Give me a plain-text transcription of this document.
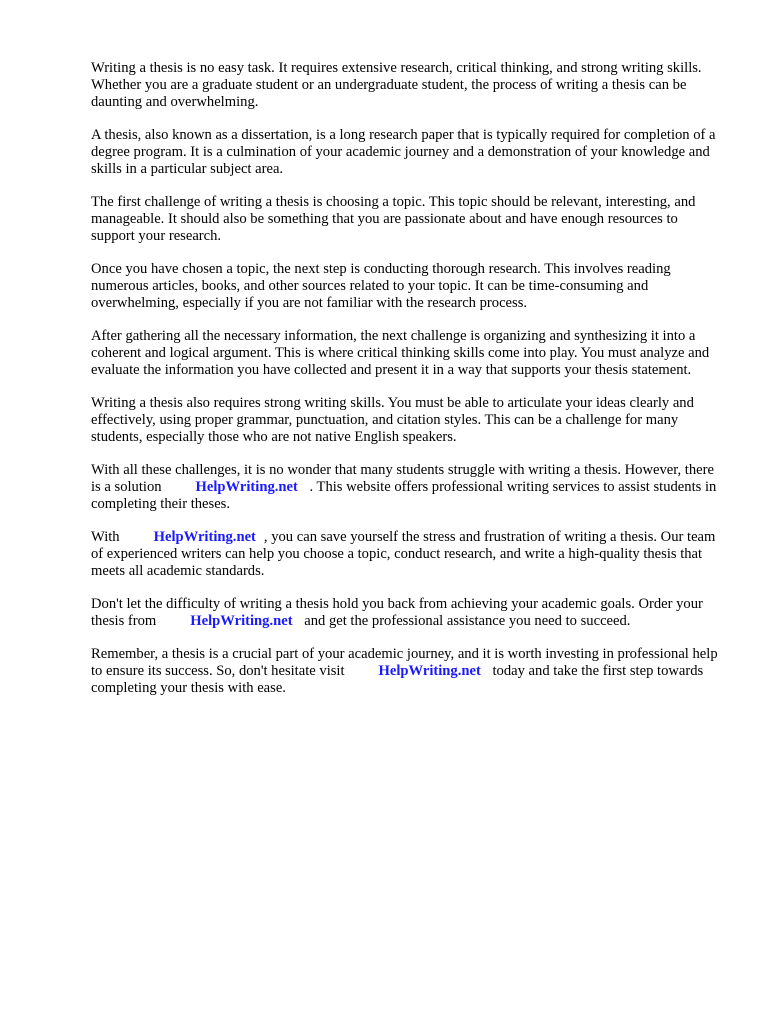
Writing a thesis is no easy task. It requires extensive research, critical thinking, and strong writing skills. Whether you are a graduate student or an undergraduate student, the process of writing a thesis can be daunting and overwhelming.

A thesis, also known as a dissertation, is a long research paper that is typically required for completion of a degree program. It is a culmination of your academic journey and a demonstration of your knowledge and skills in a particular subject area.

The first challenge of writing a thesis is choosing a topic. This topic should be relevant, interesting, and manageable. It should also be something that you are passionate about and have enough resources to support your research.

Once you have chosen a topic, the next step is conducting thorough research. This involves reading numerous articles, books, and other sources related to your topic. It can be time-consuming and overwhelming, especially if you are not familiar with the research process.

After gathering all the necessary information, the next challenge is organizing and synthesizing it into a coherent and logical argument. This is where critical thinking skills come into play. You must analyze and evaluate the information you have collected and present it in a way that supports your thesis statement.

Writing a thesis also requires strong writing skills. You must be able to articulate your ideas clearly and effectively, using proper grammar, punctuation, and citation styles. This can be a challenge for many students, especially those who are not native English speakers.

With all these challenges, it is no wonder that many students struggle with writing a thesis. However, there is a solution HelpWriting.net . This website offers professional writing services to assist students in completing their theses.

With HelpWriting.net , you can save yourself the stress and frustration of writing a thesis. Our team of experienced writers can help you choose a topic, conduct research, and write a high-quality thesis that meets all academic standards.

Don't let the difficulty of writing a thesis hold you back from achieving your academic goals. Order your thesis from HelpWriting.net and get the professional assistance you need to succeed.

Remember, a thesis is a crucial part of your academic journey, and it is worth investing in professional help to ensure its success. So, don't hesitate visit HelpWriting.net today and take the first step towards completing your thesis with ease.
